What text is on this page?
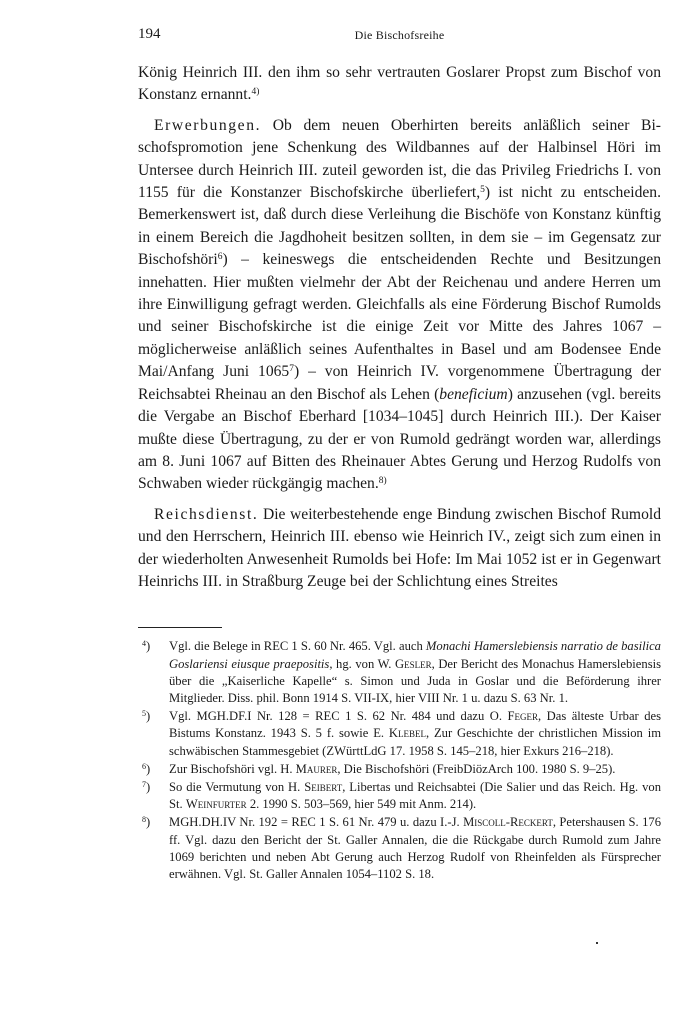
194	Die Bischofsreihe

König Heinrich III. den ihm so sehr vertrauten Goslarer Propst zum Bischof von Konstanz ernannt.$^{4)}$

Erwerbungen. Ob dem neuen Oberhirten bereits anläßlich seiner Bischofspromotion jene Schenkung des Wildbannes auf der Halbinsel Höri im Untersee durch Heinrich III. zuteil geworden ist, die das Privileg Friedrichs I. von 1155 für die Konstanzer Bischofskirche überliefert,$^5$) ist nicht zu entscheiden. Bemerkenswert ist, daß durch diese Verleihung die Bischöfe von Konstanz künftig in einem Bereich die Jagdhoheit besitzen sollten, in dem sie – im Gegensatz zur Bischofshöri$^6$) – keineswegs die entscheidenden Rechte und Besitzungen innehatten. Hier mußten vielmehr der Abt der Reichenau und andere Herren um ihre Einwilligung gefragt werden. Gleichfalls als eine Förderung Bischof Rumolds und seiner Bischofskirche ist die einige Zeit vor Mitte des Jahres 1067 – möglicherweise anläßlich seines Aufenthaltes in Basel und am Bodensee Ende Mai/Anfang Juni 1065$^7$) – von Heinrich IV. vorgenommene Übertragung der Reichsabtei Rheinau an den Bischof als Lehen (beneficium) anzusehen (vgl. bereits die Vergabe an Bischof Eberhard [1034–1045] durch Heinrich III.). Der Kaiser mußte diese Übertragung, zu der er von Rumold gedrängt worden war, allerdings am 8. Juni 1067 auf Bitten des Rheinauer Abtes Gerung und Herzog Rudolfs von Schwaben wieder rückgängig machen.$^{8)}$

Reichsdienst. Die weiterbestehende enge Bindung zwischen Bischof Rumold und den Herrschern, Heinrich III. ebenso wie Heinrich IV., zeigt sich zum einen in der wiederholten Anwesenheit Rumolds bei Hofe: Im Mai 1052 ist er in Gegenwart Heinrichs III. in Straßburg Zeuge bei der Schlichtung eines Streites

$^4$) Vgl. die Belege in REC 1 S. 60 Nr. 465. Vgl. auch Monachi Hamerslebiensis narratio de basilica Goslariensi eiusque praepositis, hg. von W. Gesler, Der Bericht des Monachus Hamerslebiensis über die „Kaiserliche Kapelle“ s. Simon und Juda in Goslar und die Beförderung ihrer Mitglieder. Diss. phil. Bonn 1914 S. VII-IX, hier VIII Nr. 1 u. dazu S. 63 Nr. 1.
$^5$) Vgl. MGH.DF.I Nr. 128 = REC 1 S. 62 Nr. 484 und dazu O. Feger, Das älteste Urbar des Bistums Konstanz. 1943 S. 5 f. sowie E. Klebel, Zur Geschichte der christlichen Mission im schwäbischen Stammesgebiet (ZWürttLdG 17. 1958 S. 145–218, hier Exkurs 216–218).
$^6$) Zur Bischofshöri vgl. H. Maurer, Die Bischofshöri (FreibDiözArch 100. 1980 S. 9–25).
$^7$) So die Vermutung von H. Seibert, Libertas und Reichsabtei (Die Salier und das Reich. Hg. von St. Weinfurter 2. 1990 S. 503–569, hier 549 mit Anm. 214).
$^8$) MGH.DH.IV Nr. 192 = REC 1 S. 61 Nr. 479 u. dazu I.-J. Miscoll-Reckert, Petershausen S. 176 ff. Vgl. dazu den Bericht der St. Galler Annalen, die die Rückgabe durch Rumold zum Jahre 1069 berichten und neben Abt Gerung auch Herzog Rudolf von Rheinfelden als Fürsprecher erwähnen. Vgl. St. Galler Annalen 1054–1102 S. 18.
